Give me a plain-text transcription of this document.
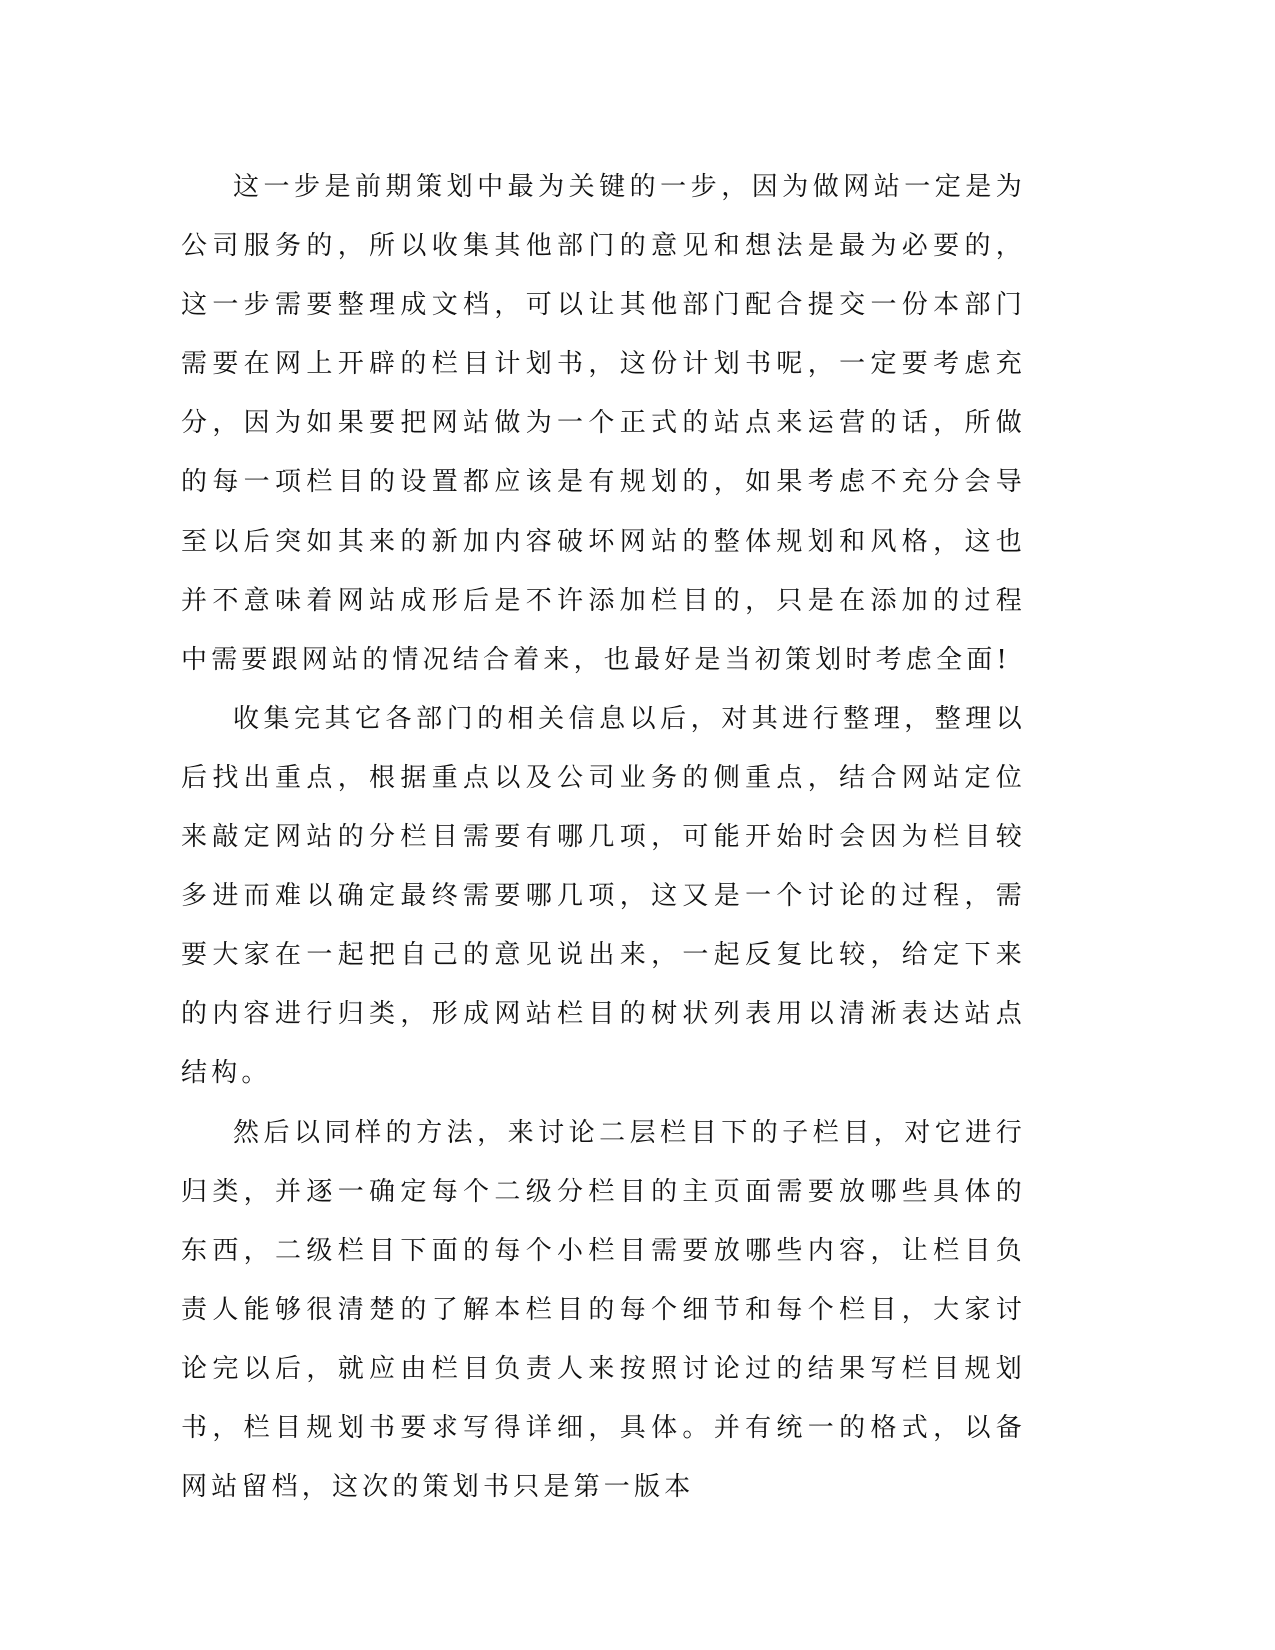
这一步是前期策划中最为关键的一步，因为做网站一定是为公司服务的，所以收集其他部门的意见和想法是最为必要的，这一步需要整理成文档，可以让其他部门配合提交一份本部门需要在网上开辟的栏目计划书，这份计划书呢，一定要考虑充分，因为如果要把网站做为一个正式的站点来运营的话，所做的每一项栏目的设置都应该是有规划的，如果考虑不充分会导至以后突如其来的新加内容破坏网站的整体规划和风格，这也并不意味着网站成形后是不许添加栏目的，只是在添加的过程中需要跟网站的情况结合着来，也最好是当初策划时考虑全面!

收集完其它各部门的相关信息以后，对其进行整理，整理以后找出重点，根据重点以及公司业务的侧重点，结合网站定位来敲定网站的分栏目需要有哪几项，可能开始时会因为栏目较多进而难以确定最终需要哪几项，这又是一个讨论的过程，需要大家在一起把自己的意见说出来，一起反复比较，给定下来的内容进行归类，形成网站栏目的树状列表用以清淅表达站点结构。

然后以同样的方法，来讨论二层栏目下的子栏目，对它进行归类，并逐一确定每个二级分栏目的主页面需要放哪些具体的东西，二级栏目下面的每个小栏目需要放哪些内容，让栏目负责人能够很清楚的了解本栏目的每个细节和每个栏目，大家讨论完以后，就应由栏目负责人来按照讨论过的结果写栏目规划书，栏目规划书要求写得详细，具体。并有统一的格式，以备网站留档，这次的策划书只是第一版本
